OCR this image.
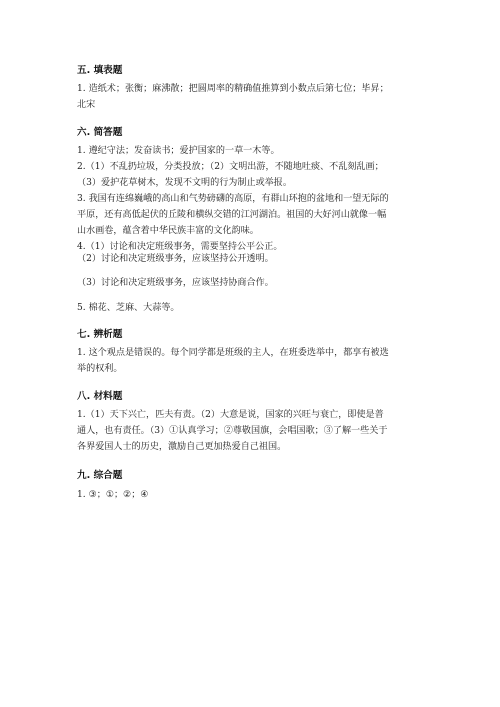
五. 填表题
1. 造纸术；张衡；麻沸散；把圆周率的精确值推算到小数点后第七位；毕昇；
北宋
六. 简答题
1. 遵纪守法；发奋读书；爱护国家的一草一木等。
2.（1）不乱扔垃圾，分类投放；（2）文明出游，不随地吐痰、不乱刻乱画；
（3）爱护花草树木，发现不文明的行为制止或举报。
3. 我国有连绵巍峨的高山和气势磅礴的高原，有群山环抱的盆地和一望无际的
平原，还有高低起伏的丘陵和横纵交错的江河湖泊。祖国的大好河山就像一幅
山水画卷，蕴含着中华民族丰富的文化韵味。
4.（1）讨论和决定班级事务，需要坚持公平公正。
（2）讨论和决定班级事务，应该坚持公开透明。
（3）讨论和决定班级事务，应该坚持协商合作。
5. 棉花、芝麻、大蒜等。
七. 辨析题
1. 这个观点是错误的。每个同学都是班级的主人，在班委选举中，都享有被选
举的权利。
八. 材料题
1.（1）天下兴亡，匹夫有责。（2）大意是说，国家的兴旺与衰亡，即使是普
通人，也有责任。（3）①认真学习；②尊敬国旗，会唱国歌；③了解一些关于
各界爱国人士的历史，激励自己更加热爱自己祖国。
九. 综合题
1. ③；①；②；④
